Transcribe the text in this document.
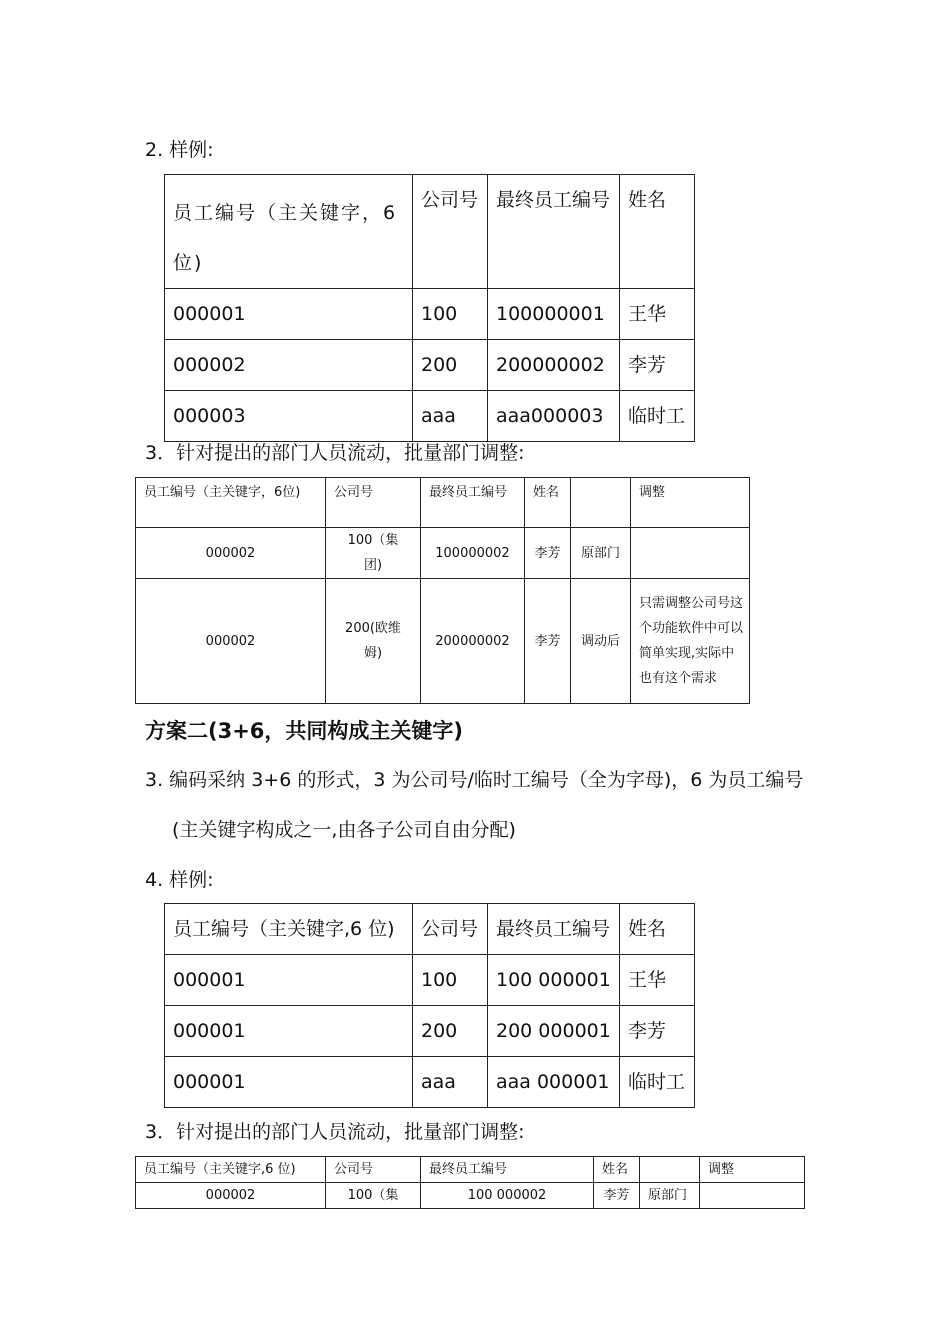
2. 样例:
员工编号（主关键字，6位)	公司号	最终员工编号	姓名
000001	100	100000001	王华
000002	200	200000002	李芳
000003	aaa	aaa000003	临时工
3．针对提出的部门人员流动，批量部门调整:
员工编号（主关键字，6位)	公司号	最终员工编号	姓名		调整
000002	100（集团)	100000002	李芳	原部门	
000002	200(欧维姆)	200000002	李芳	调动后	只需调整公司号这个功能软件中可以简单实现,实际中也有这个需求
方案二(3+6，共同构成主关键字)
3. 编码采纳 3+6 的形式，3 为公司号/临时工编号（全为字母)，6 为员工编号
(主关键字构成之一,由各子公司自由分配)
4. 样例:
员工编号（主关键字,6 位)	公司号	最终员工编号	姓名
000001	100	100 000001	王华
000001	200	200 000001	李芳
000001	aaa	aaa 000001	临时工
3．针对提出的部门人员流动，批量部门调整:
员工编号（主关键字,6 位)	公司号	最终员工编号	姓名		调整
000002	100（集	100 000002	李芳	原部门	
